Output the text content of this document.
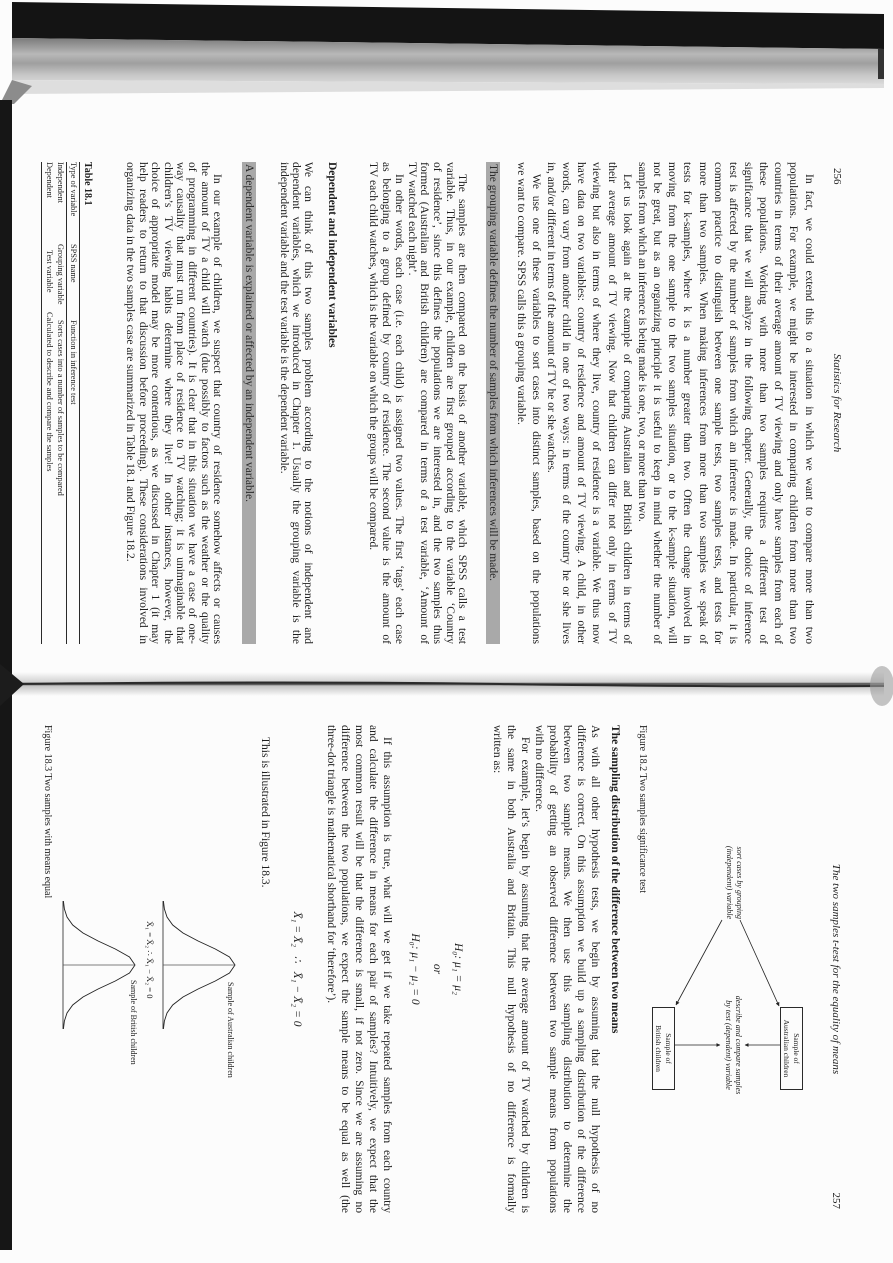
256
Statistics for Research
In fact, we could extend this to a situation in which we want to compare more than two
populations. For example, we might be interested in comparing children from more than two
countries in terms of their average amount of TV viewing and only have samples from each of
these populations. Working with more than two samples requires a different test of
significance that we will analyze in the following chapter. Generally, the choice of inference
test is affected by the number of samples from which an inference is made. In particular, it is
common practice to distinguish between one sample tests, two samples tests, and tests for
more than two samples. When making inferences from more than two samples we speak of
tests for k-samples, where k is a number greater than two. Often the change involved in
moving from the one sample to the two samples situation, or to the k-sample situation, will
not be great, but as an organizing principle it is useful to keep in mind whether the number of
samples from which an inference is being made is one, two, or more than two.
Let us look again at the example of comparing Australian and British children in terms of
their average amount of TV viewing. Now that children can differ not only in terms of TV
viewing but also in terms of where they live, country of residence is a variable. We thus now
have data on two variables: country of residence and amount of TV viewing. A child, in other
words, can vary from another child in one of two ways: in terms of the country he or she lives
in, and/or different in terms of the amount of TV he or she watches.
We use one of these variables to sort cases into distinct samples, based on the populations
we want to compare. SPSS calls this a grouping variable.
The grouping variable defines the number of samples from which inferences will be made.
The samples are then compared on the basis of another variable, which SPSS calls a test
variable. Thus, in our example, children are first grouped according to the variable ‘Country
of residence’, since this defines the populations we are interested in, and the two samples thus
formed (Australian and British children) are compared in terms of a test variable, ‘Amount of
TV watched each night’.
In other words, each case (i.e. each child) is assigned two values. The first ‘tags’ each case
as belonging to a group defined by country of residence. The second value is the amount of
TV each child watches, which is the variable on which the groups will be compared.
Dependent and independent variables
We can think of this two samples problem according to the notions of independent and
dependent variables, which we introduced in Chapter 1. Usually the grouping variable is the
independent variable and the test variable is the dependent variable.
A dependent variable is explained or affected by an independent variable.
In our example of children, we suspect that country of residence somehow affects or causes
the amount of TV a child will watch (due possibly to factors such as the weather or the quality
of programming in different countries). It is clear that in this situation we have a case of one-
way causality that must run from place of residence to TV watching; it is unimaginable that
children’s TV viewing habits determine where they live! In other instances, however, the
choice of appropriate model may be more contentious, as we discussed in Chapter 1 (it may
help readers to return to that discussion before proceeding). These considerations involved in
organizing data in the two samples case are summarized in Table 18.1 and Figure 18.2.
Table 18.1
Type of variable
SPSS name
Function in inference test
Independent
Grouping variable
Sorts cases into a number of samples to be compared
Dependent
Test variable
Calculated to describe and compare the samples
The two samples t-test for the equality of means
257
Sample of
Australian children
Sample of
British children
sort cases by grouping
(independent) variable
describe and compare samples
by test (dependent) variable
Figure 18.2 Two samples significance test
The sampling distribution of the difference between two means
As with all other hypothesis tests, we begin by assuming that the null hypothesis of no
difference is correct. On this assumption we build up a sampling distribution of the difference
between two sample means. We then use this sampling distribution to determine the
probability of getting an observed difference between two sample means from populations
with no difference.
For example, let’s begin by assuming that the average amount of TV watched by children is
the same in both Australia and Britain. This null hypothesis of no difference is formally
written as:
H₀: μ₁ = μ₂
or
H₀: μ₁ − μ₂ = 0
If this assumption is true, what will we get if we take repeated samples from each country
and calculate the difference in means for each pair of samples? Intuitively, we expect that the
most common result will be that the difference is small, if not zero. Since we are assuming no
difference between the two populations, we expect the sample means to be equal as well (the
three-dot triangle is mathematical shorthand for ‘therefore’).
X̄₁ = X̄₂   ∴   X̄₁ − X̄₂ = 0
This is illustrated in Figure 18.3.
Sample of Australian children
X̄₁ = X̄₂ ∴ X̄₁ − X̄₂ = 0
Sample of British children
Figure 18.3 Two samples with means equal
